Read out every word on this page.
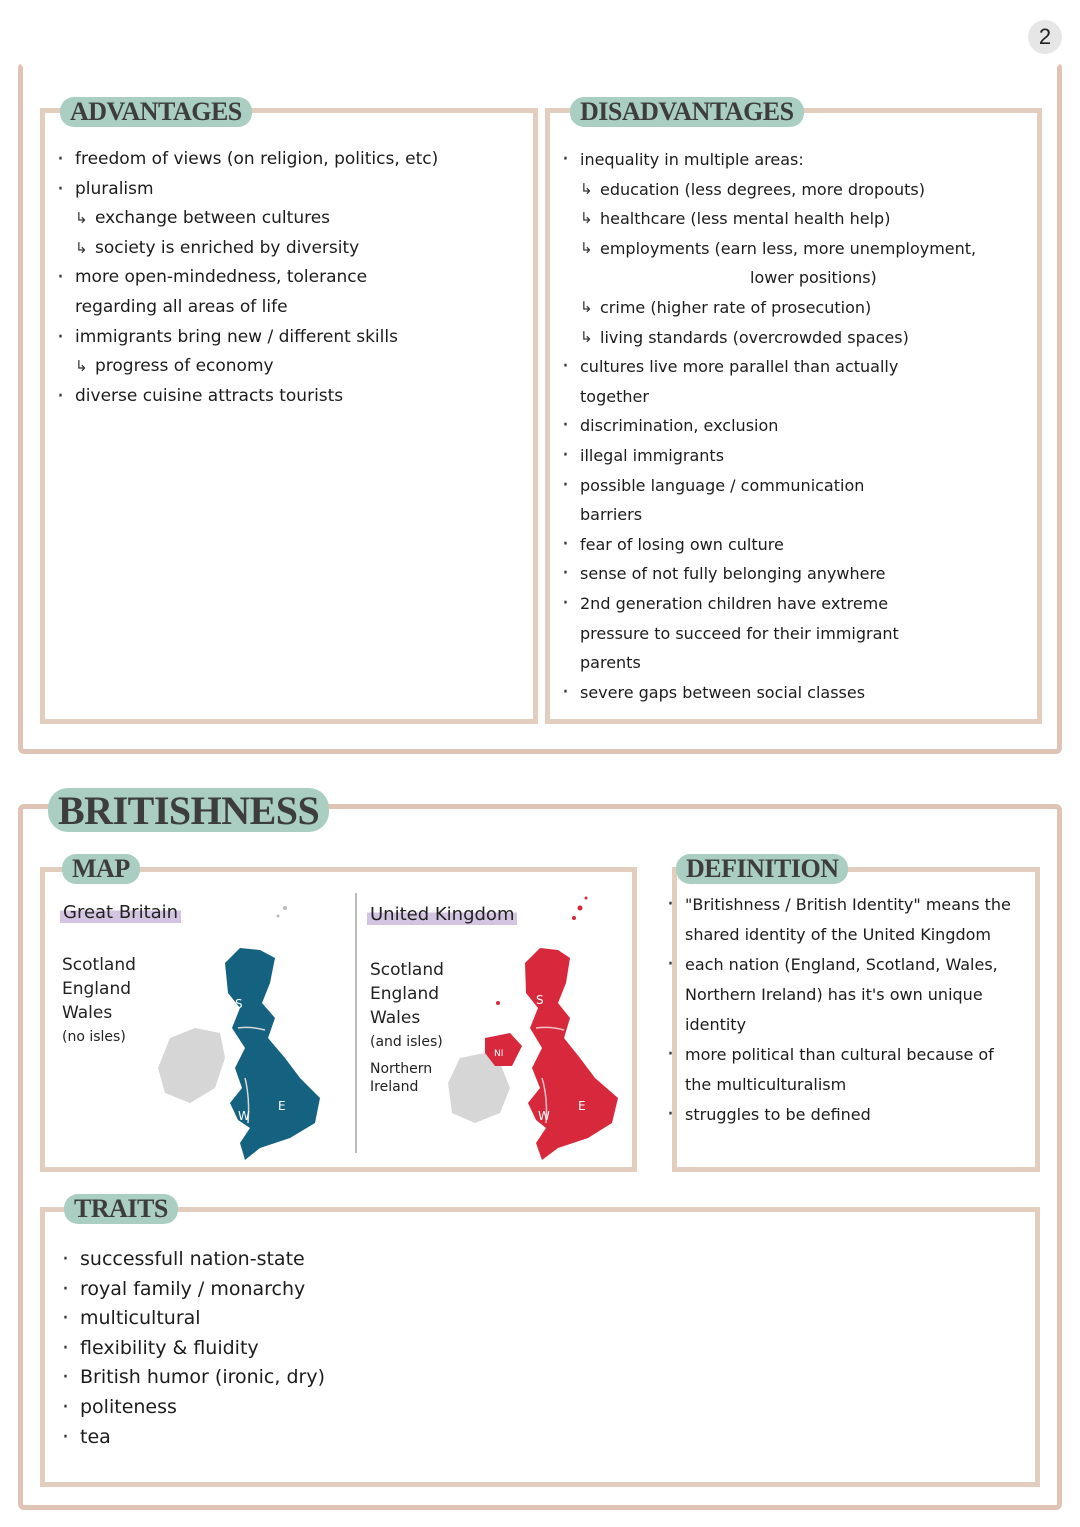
2
ADVANTAGES
· freedom of views (on religion, politics, etc)
· pluralism
↳ exchange between cultures
↳ society is enriched by diversity
· more open-mindedness, tolerance
regarding all areas of life
· immigrants bring new / different skills
↳ progress of economy
· diverse cuisine attracts tourists
DISADVANTAGES
· inequality in multiple areas:
↳ education (less degrees, more dropouts)
↳ healthcare (less mental health help)
↳ employments (earn less, more unemployment,
lower positions)
↳ crime (higher rate of prosecution)
↳ living standards (overcrowded spaces)
· cultures live more parallel than actually
together
· discrimination, exclusion
· illegal immigrants
· possible language / communication
barriers
· fear of losing own culture
· sense of not fully belonging anywhere
· 2nd generation children have extreme
pressure to succeed for their immigrant
parents
· severe gaps between social classes
BRITISHNESS
MAP
Great Britain
Scotland
England
Wales
(no isles)
S
W
E
United Kingdom
Scotland
England
Wales
(and isles)
Northern
Ireland
S
NI
W
E
DEFINITION
· "Britishness / British Identity" means the shared identity of the United Kingdom
· each nation (England, Scotland, Wales, Northern Ireland) has it's own unique identity
· more political than cultural because of the multiculturalism
· struggles to be defined
TRAITS
· successfull nation-state
· royal family / monarchy
· multicultural
· flexibility & fluidity
· British humor (ironic, dry)
· politeness
· tea
